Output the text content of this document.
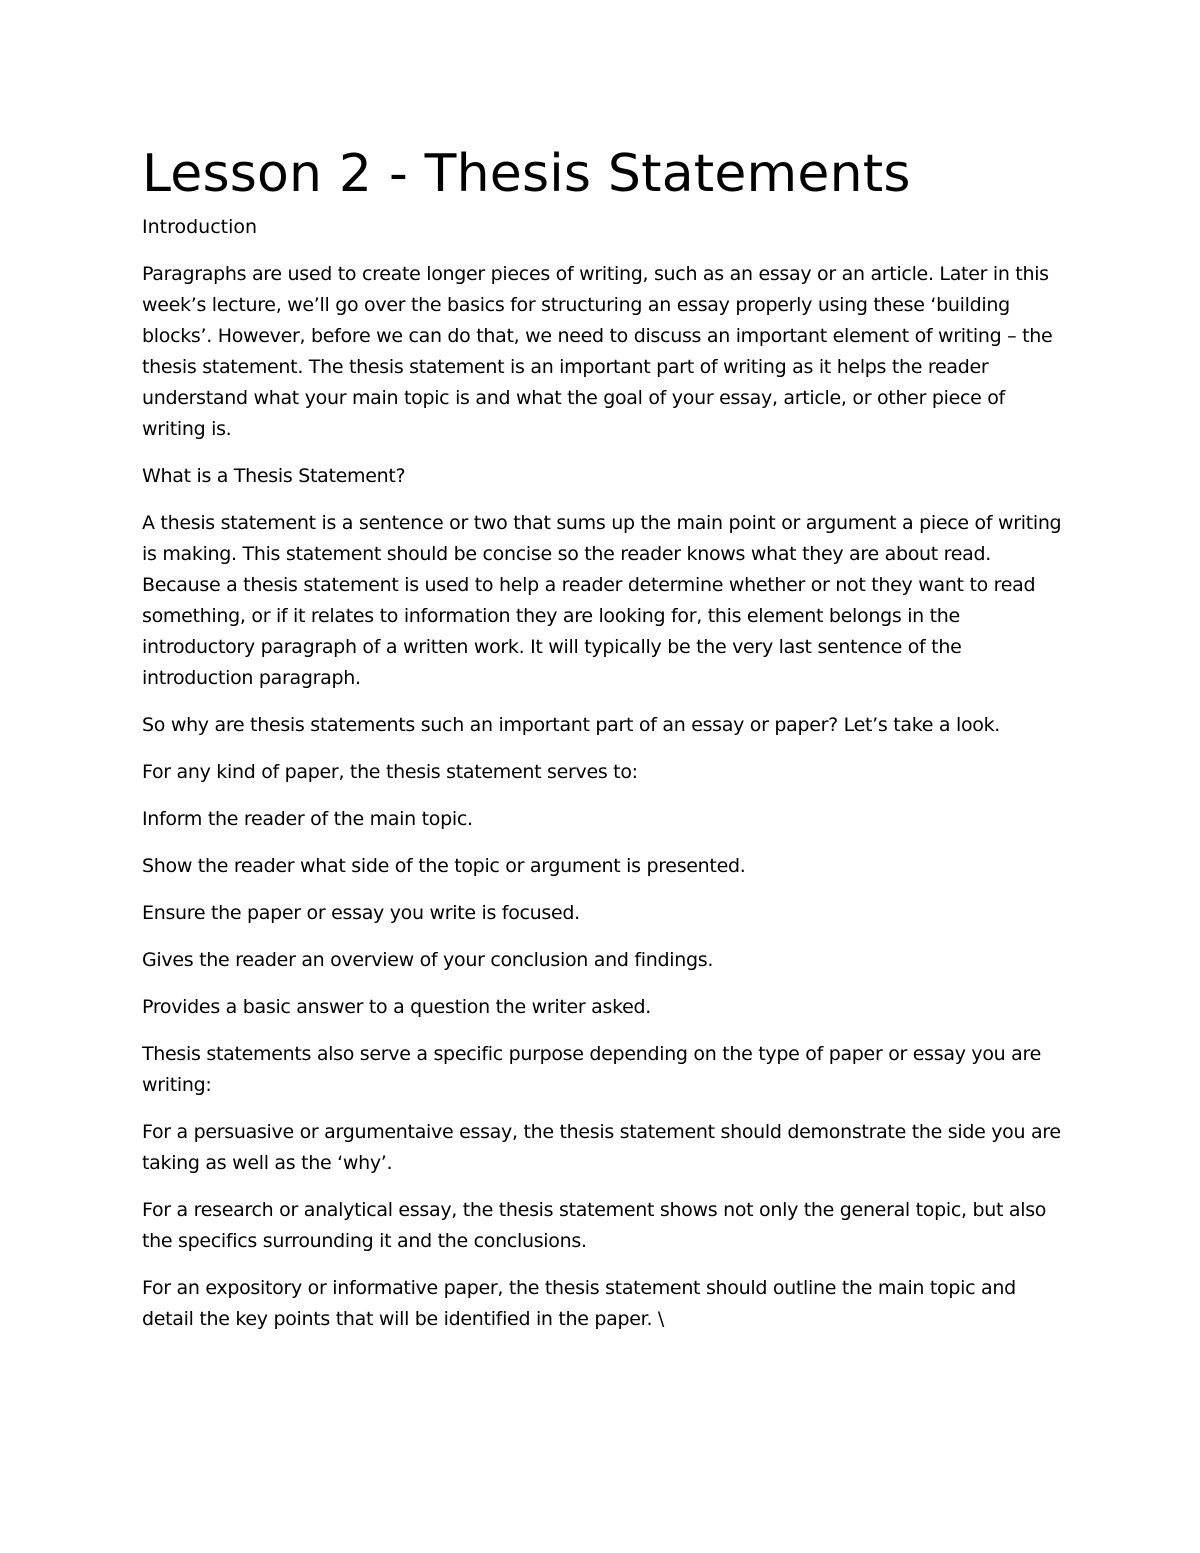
Lesson 2 - Thesis Statements

Introduction

Paragraphs are used to create longer pieces of writing, such as an essay or an article. Later in this week’s lecture, we’ll go over the basics for structuring an essay properly using these ‘building blocks’. However, before we can do that, we need to discuss an important element of writing – the thesis statement. The thesis statement is an important part of writing as it helps the reader understand what your main topic is and what the goal of your essay, article, or other piece of writing is.

What is a Thesis Statement?

A thesis statement is a sentence or two that sums up the main point or argument a piece of writing is making. This statement should be concise so the reader knows what they are about read. Because a thesis statement is used to help a reader determine whether or not they want to read something, or if it relates to information they are looking for, this element belongs in the introductory paragraph of a written work. It will typically be the very last sentence of the introduction paragraph.

So why are thesis statements such an important part of an essay or paper? Let’s take a look.

For any kind of paper, the thesis statement serves to:

Inform the reader of the main topic.

Show the reader what side of the topic or argument is presented.

Ensure the paper or essay you write is focused.

Gives the reader an overview of your conclusion and findings.

Provides a basic answer to a question the writer asked.

Thesis statements also serve a specific purpose depending on the type of paper or essay you are writing:

For a persuasive or argumentaive essay, the thesis statement should demonstrate the side you are taking as well as the ‘why’.

For a research or analytical essay, the thesis statement shows not only the general topic, but also the specifics surrounding it and the conclusions.

For an expository or informative paper, the thesis statement should outline the main topic and detail the key points that will be identified in the paper. \
